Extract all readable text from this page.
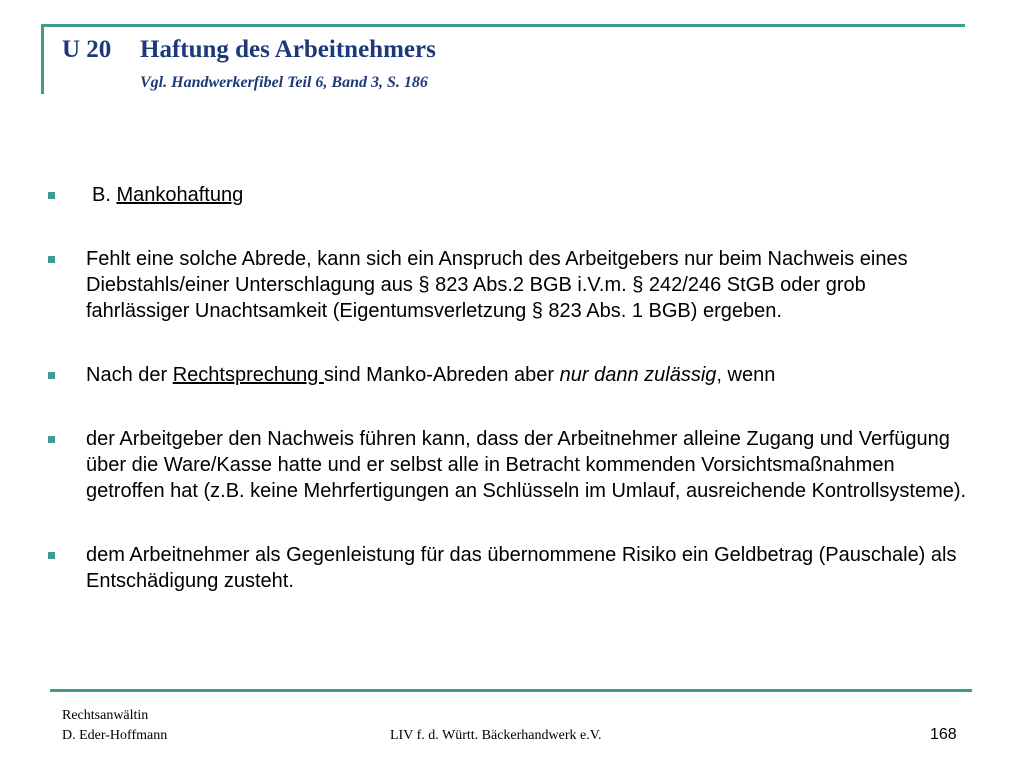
U 20 Haftung des Arbeitnehmers
Vgl. Handwerkerfibel Teil 6, Band 3, S. 186
B. Mankohaftung
Fehlt eine solche Abrede, kann sich ein Anspruch des Arbeitgebers nur beim Nachweis eines Diebstahls/einer Unterschlagung aus § 823 Abs.2 BGB i.V.m. § 242/246 StGB oder grob fahrlässiger Unachtsamkeit (Eigentumsverletzung § 823 Abs. 1 BGB) ergeben.
Nach der Rechtsprechung sind Manko-Abreden aber nur dann zulässig, wenn
der Arbeitgeber den Nachweis führen kann, dass der Arbeitnehmer alleine Zugang und Verfügung über die Ware/Kasse hatte und er selbst alle in Betracht kommenden Vorsichtsmaßnahmen getroffen hat (z.B. keine Mehrfertigungen an Schlüsseln im Umlauf, ausreichende Kontrollsysteme).
dem Arbeitnehmer als Gegenleistung für das übernommene Risiko ein Geldbetrag (Pauschale) als Entschädigung zusteht.
Rechtsanwältin
D. Eder-Hoffmann	LIV f. d. Württ. Bäckerhandwerk e.V.	168
